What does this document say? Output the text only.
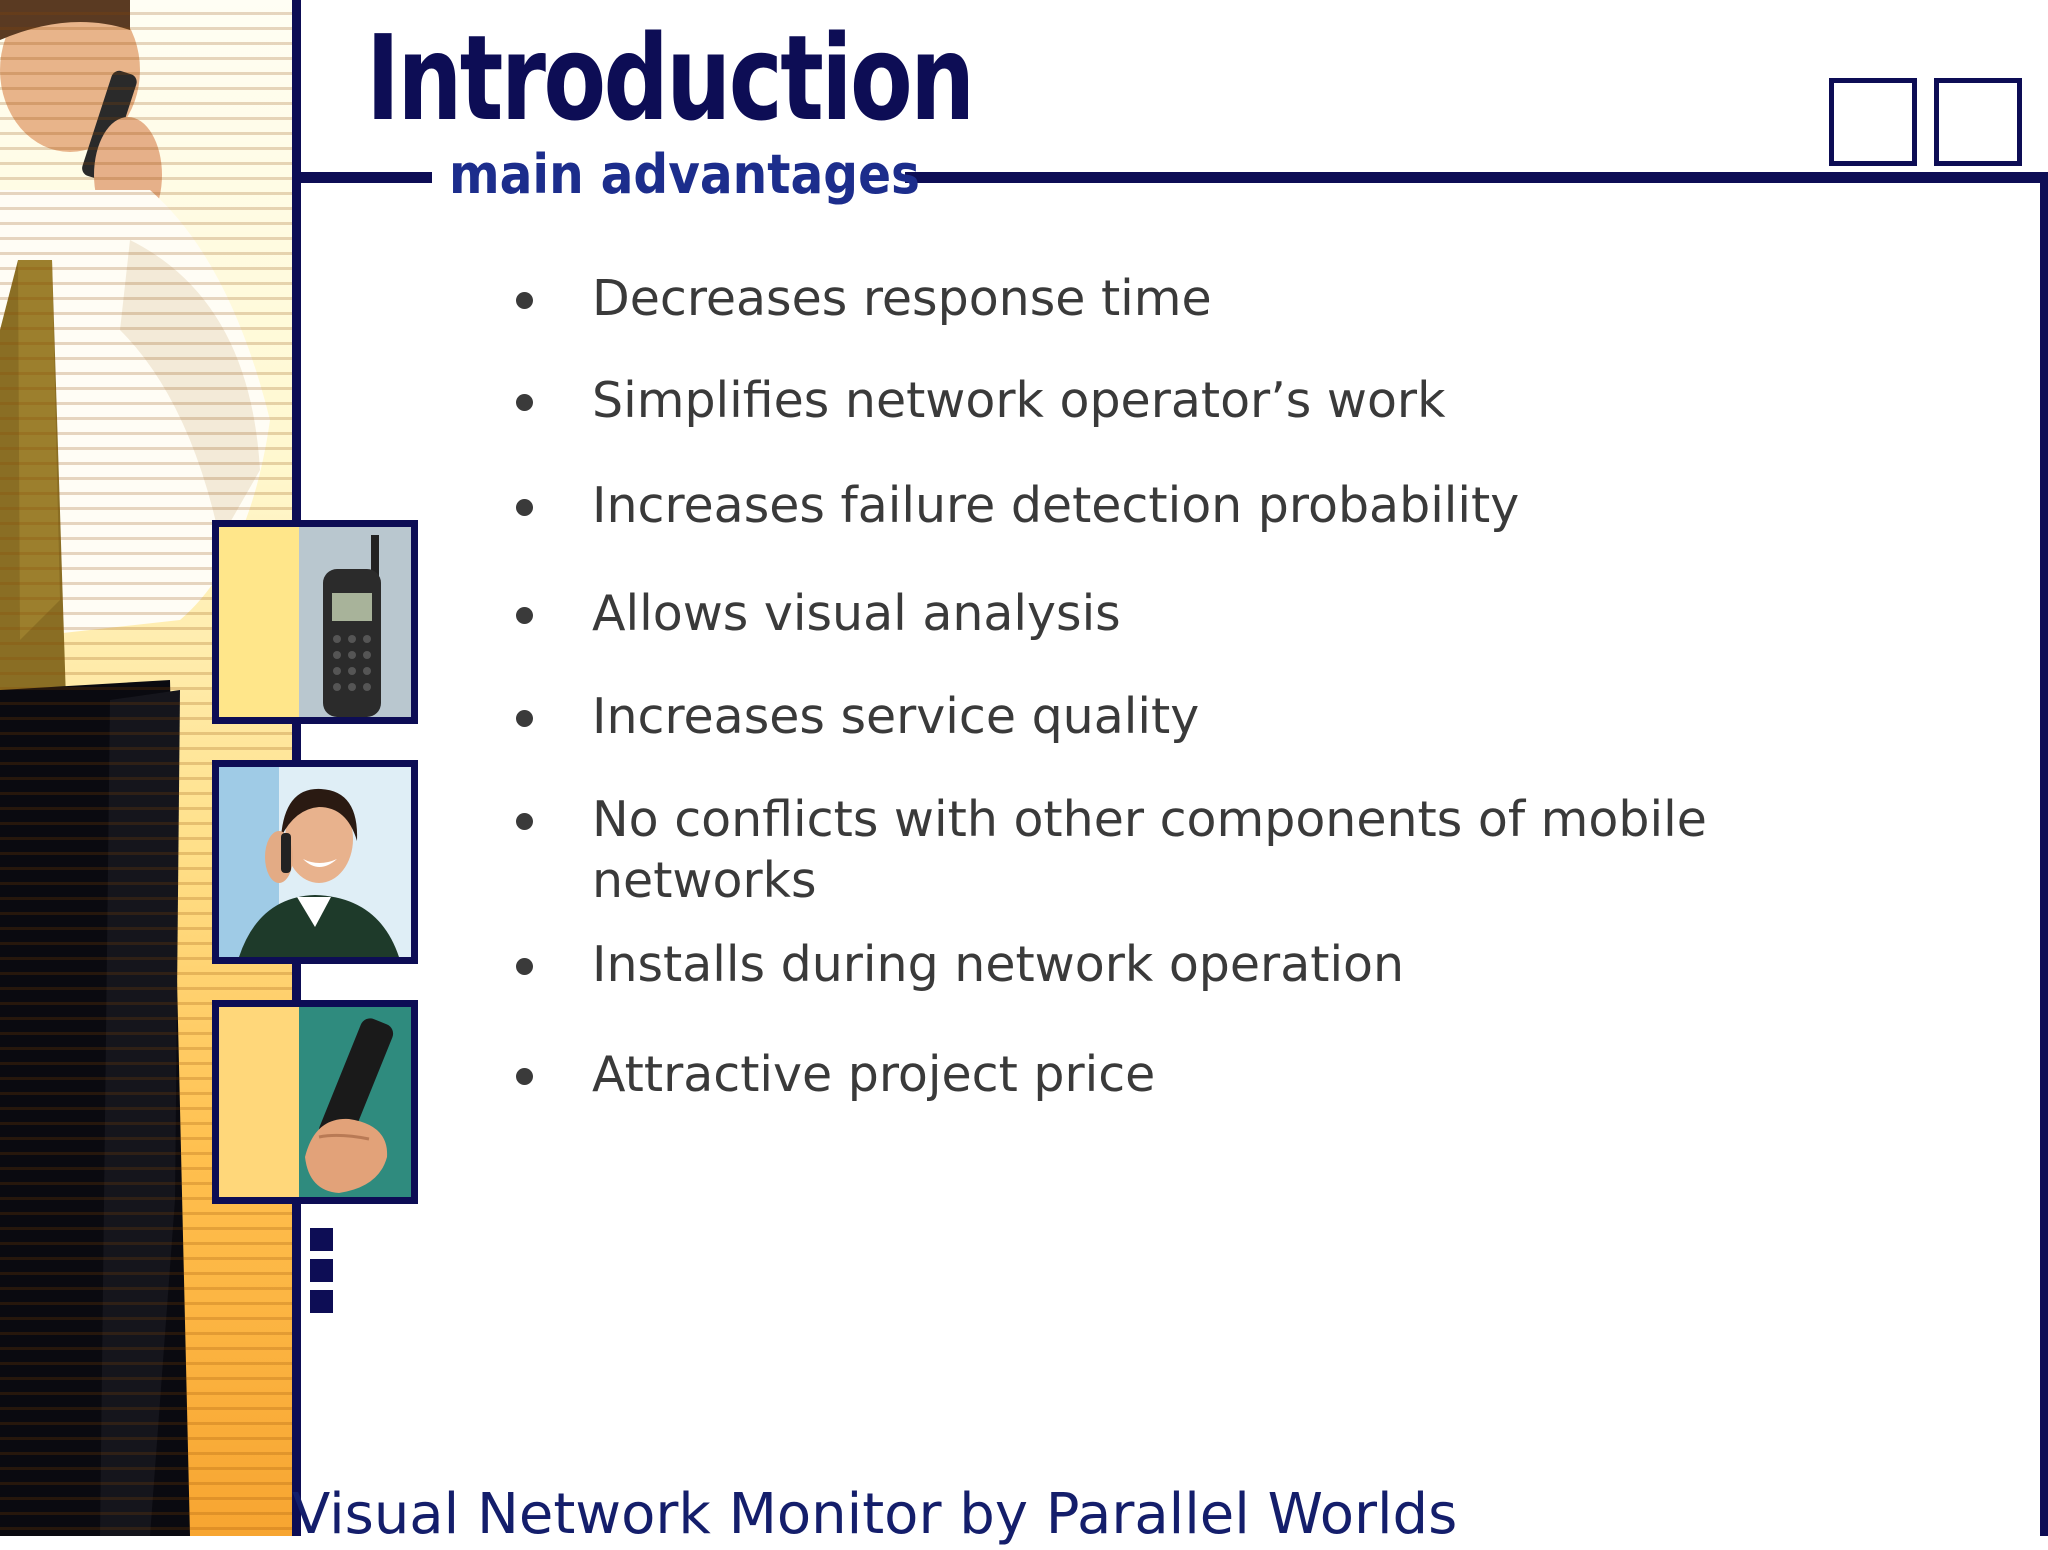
Introduction
main advantages
Decreases response time
Simplifies network operator’s work
Increases failure detection probability
Allows visual analysis
Increases service quality
No conflicts with other components of mobile
networks
Installs during network operation
Attractive project price
Visual Network Monitor by Parallel Worlds
